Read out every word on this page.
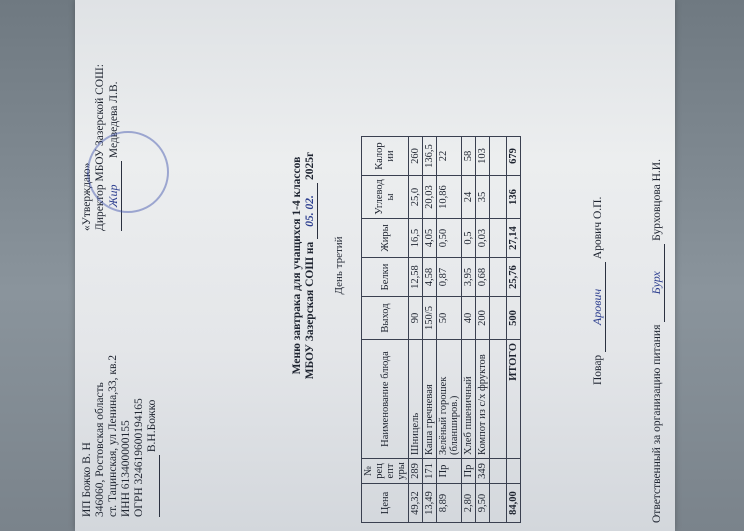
ИП Божко В. Н 346060, Ростовская область ст. Тацинская, ул Ленина,33, кв.2 ИНН 613400000155 ОГРН 324619600194165 В.Н.Божко
«Утверждаю» Директор МБОУ Зазерской СОШ: Жир Медведева Л.В.
Меню завтрака для учащихся 1-4 классов МБОУ Зазерская СОШ на 05. 02. 2025г
День третий
Цена	№ рец епт уры	Наименование блюда	Выход	Белки	Жиры	Углевод ы	Калор ии
49,32	289	Шницель	90	12,58	16,5	25,0	260
13,49	171	Каша гречневая	150/5	4,58	4,05	20,03	136,5
8,89	Пр	Зелёный горошек (бланширов.)	50	0,87	0,50	10,86	22
2,80	Пр	Хлеб пшеничный	40	3,95	0,5	24	58
9,50	349	Компот из с/х фруктов	200	0,68	0,03	35	103

84,00		ИТОГО	500	25,76	27,14	136	679
Повар Арович Арович О.П.
Ответственный за организацию питания Бурх Бурховцова Н.И.
